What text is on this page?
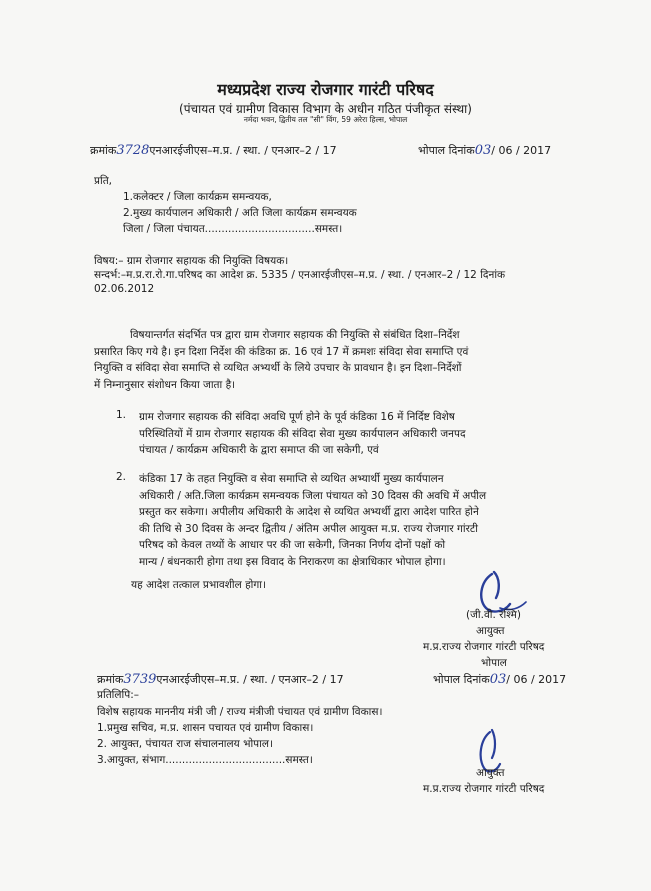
मध्यप्रदेश राज्य रोजगार गारंटी परिषद
(पंचायत एवं ग्रामीण विकास विभाग के अधीन गठित पंजीकृत संस्था)
नर्मदा भवन, द्वितीय तल "सी" विंग, 59 अरेरा हिल्स, भोपाल
क्रमांक3728एनआरईजीएस–म.प्र. / स्था. / एनआर–2 / 17	भोपाल दिनांक03/ 06 / 2017
प्रति,
1.कलेक्टर / जिला कार्यक्रम समन्वयक,
2.मुख्य कार्यपालन अधिकारी / अति जिला कार्यक्रम समन्वयक
जिला / जिला पंचायत.................................समस्त।
विषय:– ग्राम रोजगार सहायक की नियुक्ति विषयक।
सन्दर्भ:–म.प्र.रा.रो.गा.परिषद का आदेश क्र. 5335 / एनआरईजीएस–म.प्र. / स्था. / एनआर–2 / 12 दिनांक
02.06.2012
विषयान्तर्गत संदर्भित पत्र द्वारा ग्राम रोजगार सहायक की नियुक्ति से संबंधित दिशा–निर्देश
प्रसारित किए गये है। इन दिशा निर्देश की कंडिका क्र. 16 एवं 17 में क्रमशः संविदा सेवा समाप्ति एवं
नियुक्ति व संविदा सेवा समाप्ति से व्यथित अभ्यर्थी के लिये उपचार के प्रावधान है। इन दिशा–निर्देशों
में निम्नानुसार संशोधन किया जाता है।
1. ग्राम रोजगार सहायक की संविदा अवधि पूर्ण होने के पूर्व कंडिका 16 में निर्दिष्ट विशेष
परिस्थितियों में ग्राम रोजगार सहायक की संविदा सेवा मुख्य कार्यपालन अधिकारी जनपद
पंचायत / कार्यक्रम अधिकारी के द्वारा समाप्त की जा सकेगी, एवं
2. कंडिका 17 के तहत नियुक्ति व सेवा समाप्ति से व्यथित अभ्यार्थी मुख्य कार्यपालन
अधिकारी / अति.जिला कार्यक्रम समन्वयक जिला पंचायत को 30 दिवस की अवधि में अपील
प्रस्तुत कर सकेगा। अपीलीय अधिकारी के आदेश से व्यथित अभ्यर्थी द्वारा आदेश पारित होने
की तिथि से 30 दिवस के अन्दर द्वितीय / अंतिम अपील आयुक्त म.प्र. राज्य रोजगार गांरटी
परिषद को केवल तथ्यों के आधार पर की जा सकेगी, जिनका निर्णय दोनों पक्षों को
मान्य / बंधनकारी होगा तथा इस विवाद के निराकरण का क्षेत्राधिकार भोपाल होगा।
यह आदेश तत्काल प्रभावशील होगा।
(जी.वी. रश्मि)
आयुक्त
म.प्र.राज्य रोजगार गांरटी परिषद
भोपाल
क्रमांक3739एनआरईजीएस–म.प्र. / स्था. / एनआर–2 / 17	भोपाल दिनांक03/ 06 / 2017
प्रतिलिपि:–
विशेष सहायक माननीय मंत्री जी / राज्य मंत्रीजी पंचायत एवं ग्रामीण विकास।
1.प्रमुख सचिव, म.प्र. शासन पचायत एवं ग्रामीण विकास।
2. आयुक्त, पंचायत राज संचालनालय भोपाल।
3.आयुक्त, संभाग....................................समस्त।
आयुक्त
म.प्र.राज्य रोजगार गांरटी परिषद
